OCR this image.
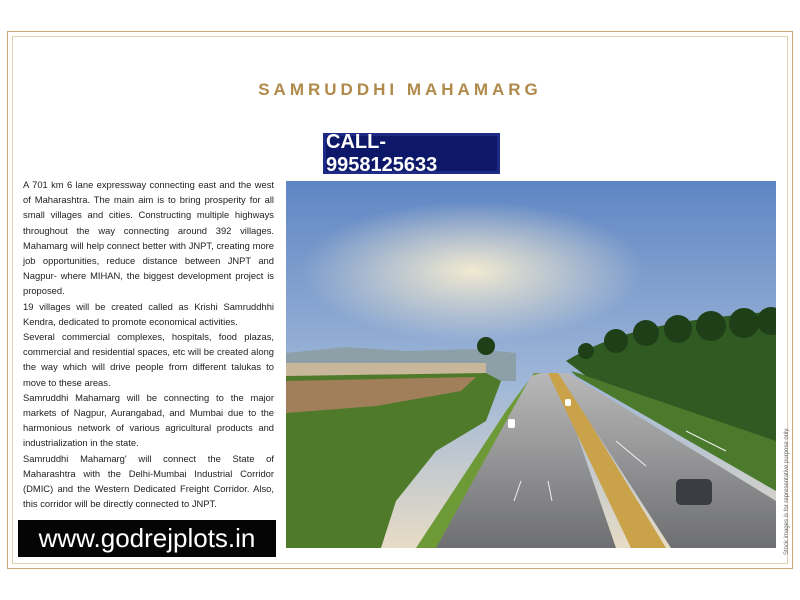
SAMRUDDHI MAHAMARG
CALL-9958125633

A 701 km 6 lane expressway connecting east and the west of Maharashtra. The main aim is to bring prosperity for all small villages and cities. Constructing multiple highways throughout the way connecting around 392 villages. Mahamarg will help connect better with JNPT, creating more job opportunities, reduce distance between JNPT and Nagpur- where MIHAN, the biggest development project is proposed.

19 villages will be created called as Krishi Samruddhhi Kendra, dedicated to promote economical activities.

Several commercial complexes, hospitals, food plazas, commercial and residential spaces, etc will be created along the way which will drive people from different talukas to move to these areas.

Samruddhi Mahamarg will be connecting to the major markets of Nagpur, Aurangabad, and Mumbai due to the harmonious network of various agricultural products and industrialization in the state.

Samruddhi Mahamarg' will connect the State of Maharashtra with the Delhi-Mumbai Industrial Corridor (DMIC) and the Western Dedicated Freight Corridor. Also, this corridor will be directly connected to JNPT.

www.godrejplots.in	Stock images is for representative purpose only.
